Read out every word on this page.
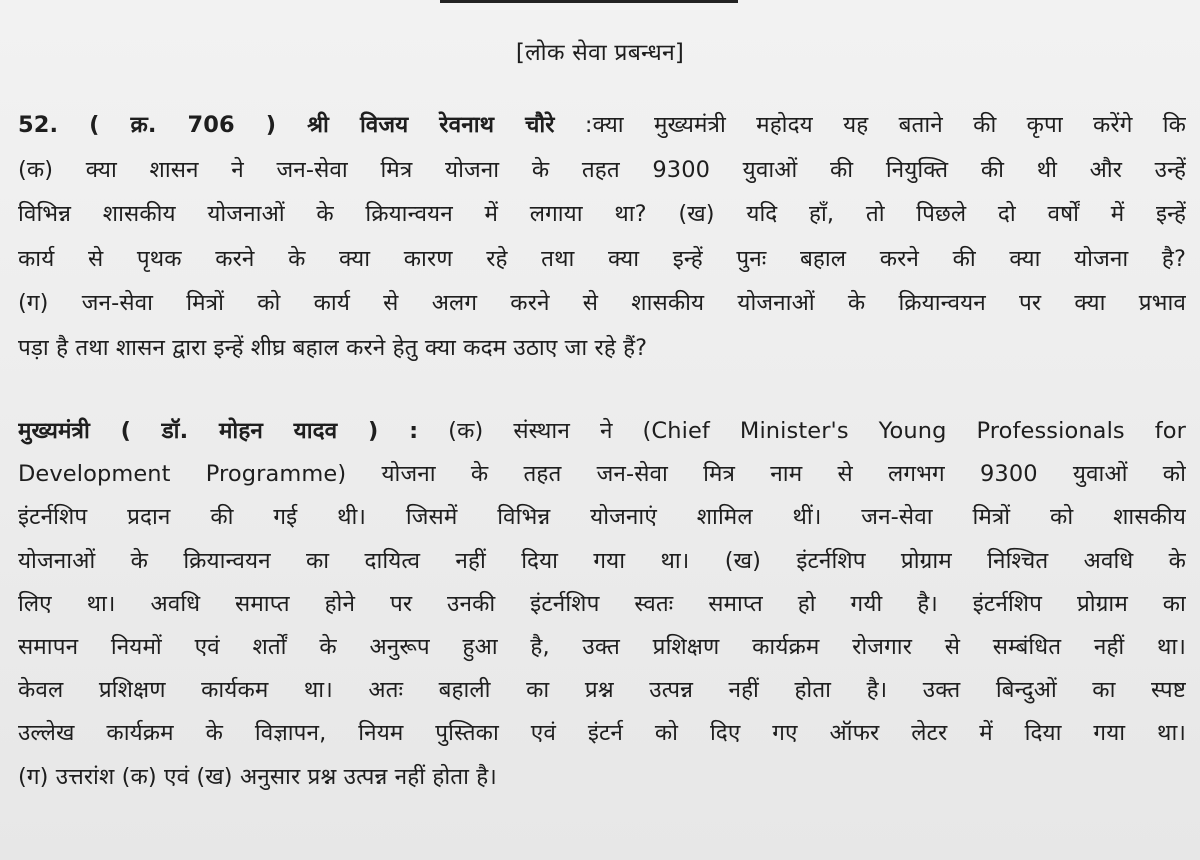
[लोक सेवा प्रबन्धन]
52. ( क्र. 706 ) श्री विजय रेवनाथ चौरे :क्या मुख्यमंत्री महोदय यह बताने की कृपा करेंगे कि
(क) क्या शासन ने जन-सेवा मित्र योजना के तहत 9300 युवाओं की नियुक्ति की थी और उन्हें
विभिन्न शासकीय योजनाओं के क्रियान्वयन में लगाया था? (ख) यदि हाँ, तो पिछले दो वर्षों में इन्हें
कार्य से पृथक करने के क्या कारण रहे तथा क्या इन्हें पुनः बहाल करने की क्या योजना है?
(ग) जन-सेवा मित्रों को कार्य से अलग करने से शासकीय योजनाओं के क्रियान्वयन पर क्या प्रभाव
पड़ा है तथा शासन द्वारा इन्हें शीघ्र बहाल करने हेतु क्या कदम उठाए जा रहे हैं?
मुख्यमंत्री ( डॉ. मोहन यादव ) : (क) संस्थान ने (Chief Minister's Young Professionals for
Development Programme) योजना के तहत जन-सेवा मित्र नाम से लगभग 9300 युवाओं को
इंटर्नशिप प्रदान की गई थी। जिसमें विभिन्न योजनाएं शामिल थीं। जन-सेवा मित्रों को शासकीय
योजनाओं के क्रियान्वयन का दायित्व नहीं दिया गया था। (ख) इंटर्नशिप प्रोग्राम निश्चित अवधि के
लिए था। अवधि समाप्त होने पर उनकी इंटर्नशिप स्वतः समाप्त हो गयी है। इंटर्नशिप प्रोग्राम का
समापन नियमों एवं शर्तों के अनुरूप हुआ है, उक्त प्रशिक्षण कार्यक्रम रोजगार से सम्बंधित नहीं था।
केवल प्रशिक्षण कार्यकम था। अतः बहाली का प्रश्न उत्पन्न नहीं होता है। उक्त बिन्दुओं का स्पष्ट
उल्लेख कार्यक्रम के विज्ञापन, नियम पुस्तिका एवं इंटर्न को दिए गए ऑफर लेटर में दिया गया था।
(ग) उत्तरांश (क) एवं (ख) अनुसार प्रश्न उत्पन्न नहीं होता है।
